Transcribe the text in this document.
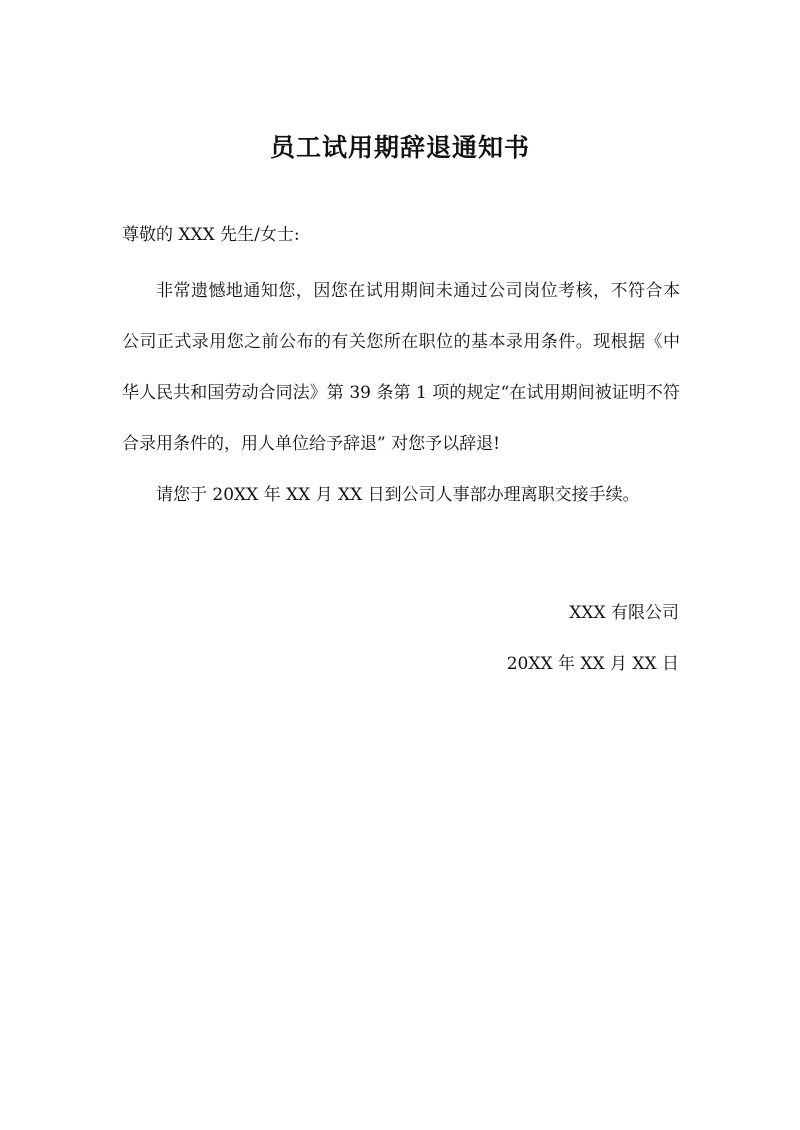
员工试用期辞退通知书
尊敬的 XXX 先生/女士:

非常遗憾地通知您，因您在试用期间未通过公司岗位考核，不符合本公司正式录用您之前公布的有关您所在职位的基本录用条件。现根据《中华人民共和国劳动合同法》第 39 条第 1 项的规定“在试用期间被证明不符合录用条件的，用人单位给予辞退” 对您予以辞退!

请您于 20XX 年 XX 月 XX 日到公司人事部办理离职交接手续。

XXX 有限公司
20XX 年 XX 月 XX 日
